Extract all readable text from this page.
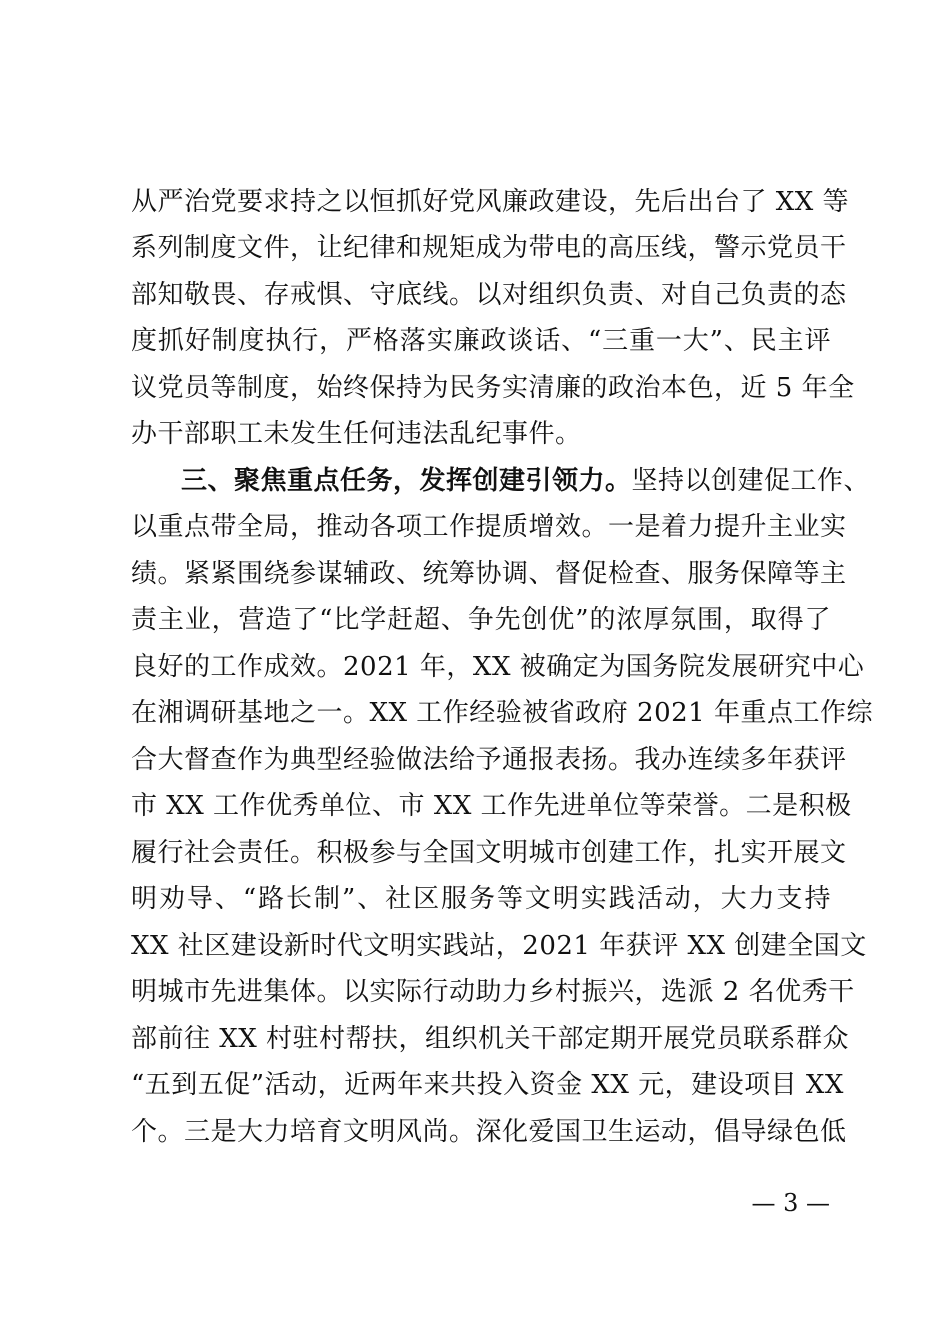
从严治党要求持之以恒抓好党风廉政建设，先后出台了 XX 等
系列制度文件，让纪律和规矩成为带电的高压线，警示党员干
部知敬畏、存戒惧、守底线。以对组织负责、对自己负责的态
度抓好制度执行，严格落实廉政谈话、“三重一大”、民主评
议党员等制度，始终保持为民务实清廉的政治本色，近 5 年全
办干部职工未发生任何违法乱纪事件。
三、聚焦重点任务，发挥创建引领力。坚持以创建促工作、
以重点带全局，推动各项工作提质增效。一是着力提升主业实
绩。紧紧围绕参谋辅政、统筹协调、督促检查、服务保障等主
责主业，营造了“比学赶超、争先创优”的浓厚氛围，取得了
良好的工作成效。2021 年，XX 被确定为国务院发展研究中心
在湘调研基地之一。XX 工作经验被省政府 2021 年重点工作综
合大督查作为典型经验做法给予通报表扬。我办连续多年获评
市 XX 工作优秀单位、市 XX 工作先进单位等荣誉。二是积极
履行社会责任。积极参与全国文明城市创建工作，扎实开展文
明劝导、“路长制”、社区服务等文明实践活动，大力支持
XX 社区建设新时代文明实践站，2021 年获评 XX 创建全国文
明城市先进集体。以实际行动助力乡村振兴，选派 2 名优秀干
部前往 XX 村驻村帮扶，组织机关干部定期开展党员联系群众
“五到五促”活动，近两年来共投入资金 XX 元，建设项目 XX
个。三是大力培育文明风尚。深化爱国卫生运动，倡导绿色低
— 3 —
